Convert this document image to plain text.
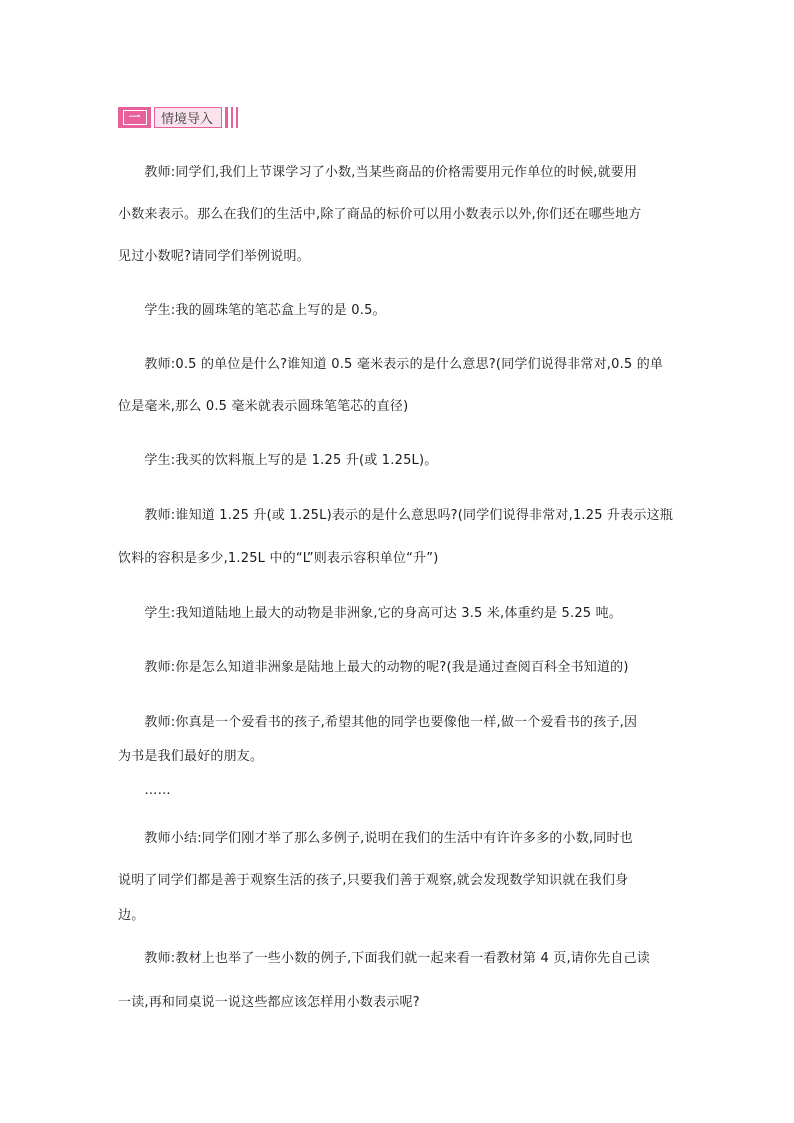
一	情境导入
　　教师:同学们,我们上节课学习了小数,当某些商品的价格需要用元作单位的时候,就要用
小数来表示。那么在我们的生活中,除了商品的标价可以用小数表示以外,你们还在哪些地方
见过小数呢?请同学们举例说明。
　　学生:我的圆珠笔的笔芯盒上写的是 0.5。
　　教师:0.5 的单位是什么?谁知道 0.5 毫米表示的是什么意思?(同学们说得非常对,0.5 的单
位是毫米,那么 0.5 毫米就表示圆珠笔笔芯的直径)
　　学生:我买的饮料瓶上写的是 1.25 升(或 1.25L)。
　　教师:谁知道 1.25 升(或 1.25L)表示的是什么意思吗?(同学们说得非常对,1.25 升表示这瓶
饮料的容积是多少,1.25L 中的“L”则表示容积单位“升”)
　　学生:我知道陆地上最大的动物是非洲象,它的身高可达 3.5 米,体重约是 5.25 吨。
　　教师:你是怎么知道非洲象是陆地上最大的动物的呢?(我是通过查阅百科全书知道的)
　　教师:你真是一个爱看书的孩子,希望其他的同学也要像他一样,做一个爱看书的孩子,因
为书是我们最好的朋友。
　　……
　　教师小结:同学们刚才举了那么多例子,说明在我们的生活中有许许多多的小数,同时也
说明了同学们都是善于观察生活的孩子,只要我们善于观察,就会发现数学知识就在我们身
边。
　　教师:教材上也举了一些小数的例子,下面我们就一起来看一看教材第 4 页,请你先自己读
一读,再和同桌说一说这些都应该怎样用小数表示呢?
